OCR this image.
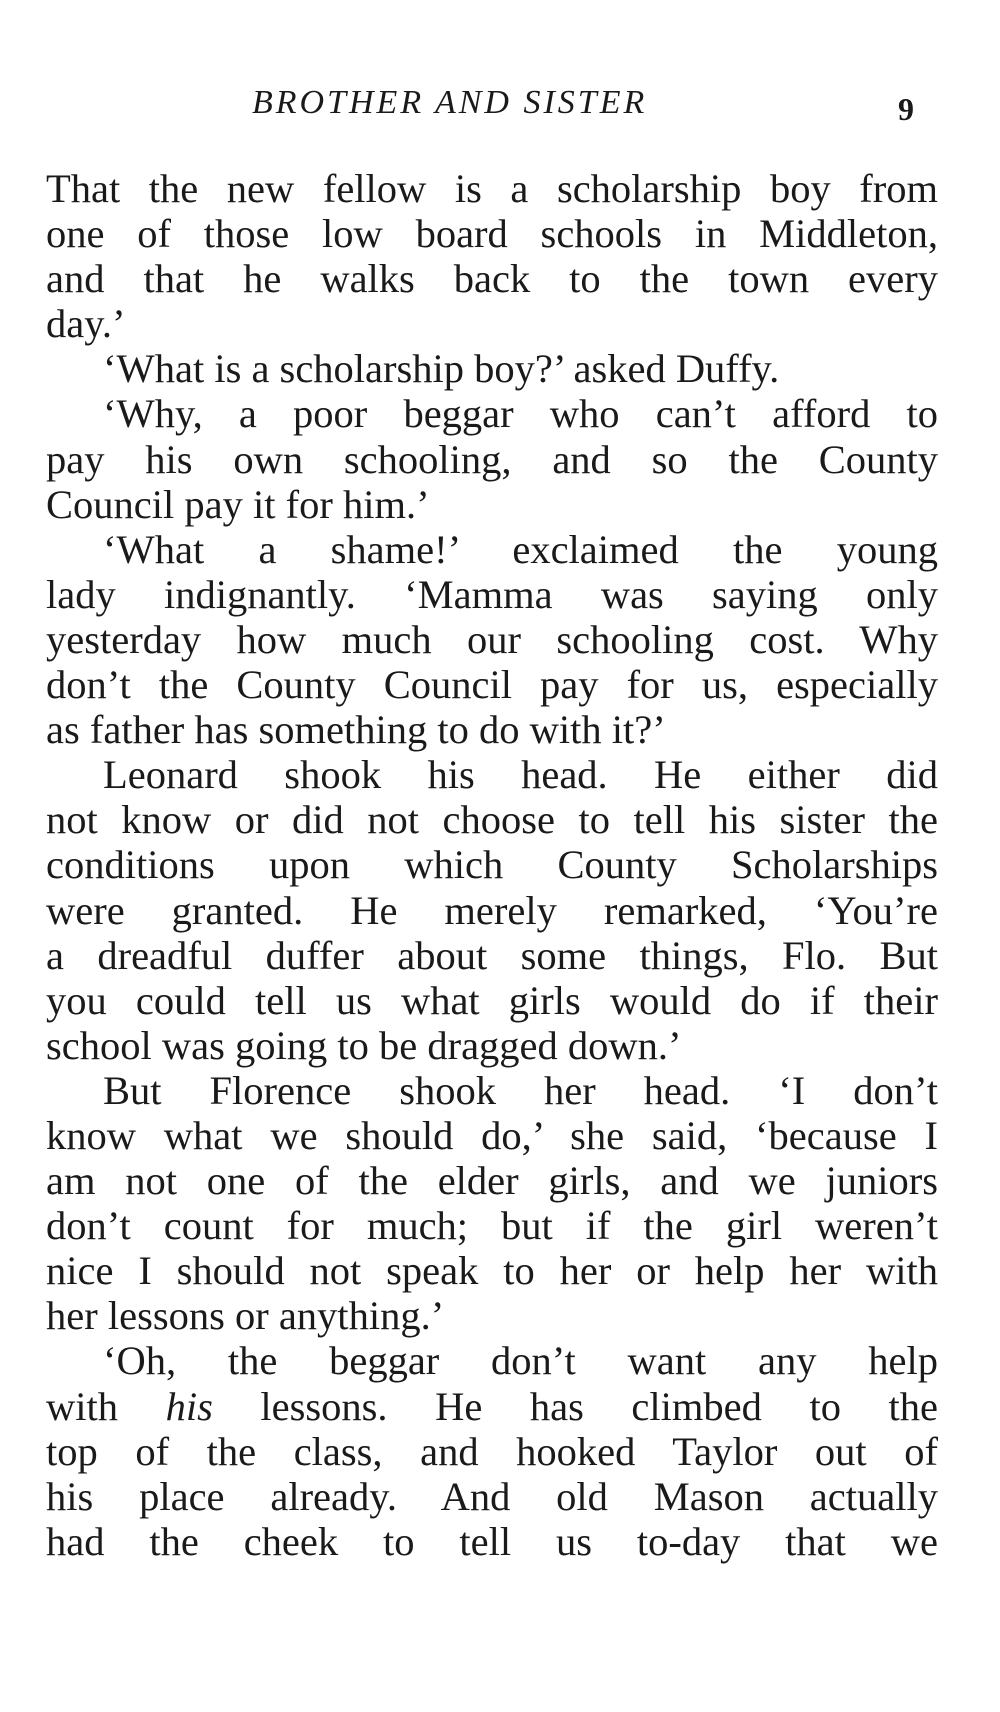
BROTHER AND SISTER	9
That the new fellow is a scholarship boy from
one of those low board schools in Middleton,
and that he walks back to the town every
day.’
‘What is a scholarship boy?’ asked Duffy.
‘Why, a poor beggar who can’t afford to
pay his own schooling, and so the County
Council pay it for him.’
‘What a shame!’ exclaimed the young
lady indignantly. ‘Mamma was saying only
yesterday how much our schooling cost. Why
don’t the County Council pay for us, especially
as father has something to do with it?’
Leonard shook his head. He either did
not know or did not choose to tell his sister the
conditions upon which County Scholarships
were granted. He merely remarked, ‘You’re
a dreadful duffer about some things, Flo. But
you could tell us what girls would do if their
school was going to be dragged down.’
But Florence shook her head. ‘I don’t
know what we should do,’ she said, ‘because I
am not one of the elder girls, and we juniors
don’t count for much; but if the girl weren’t
nice I should not speak to her or help her with
her lessons or anything.’
‘Oh, the beggar don’t want any help
with his lessons. He has climbed to the
top of the class, and hooked Taylor out of
his place already. And old Mason actually
had the cheek to tell us to-day that we
